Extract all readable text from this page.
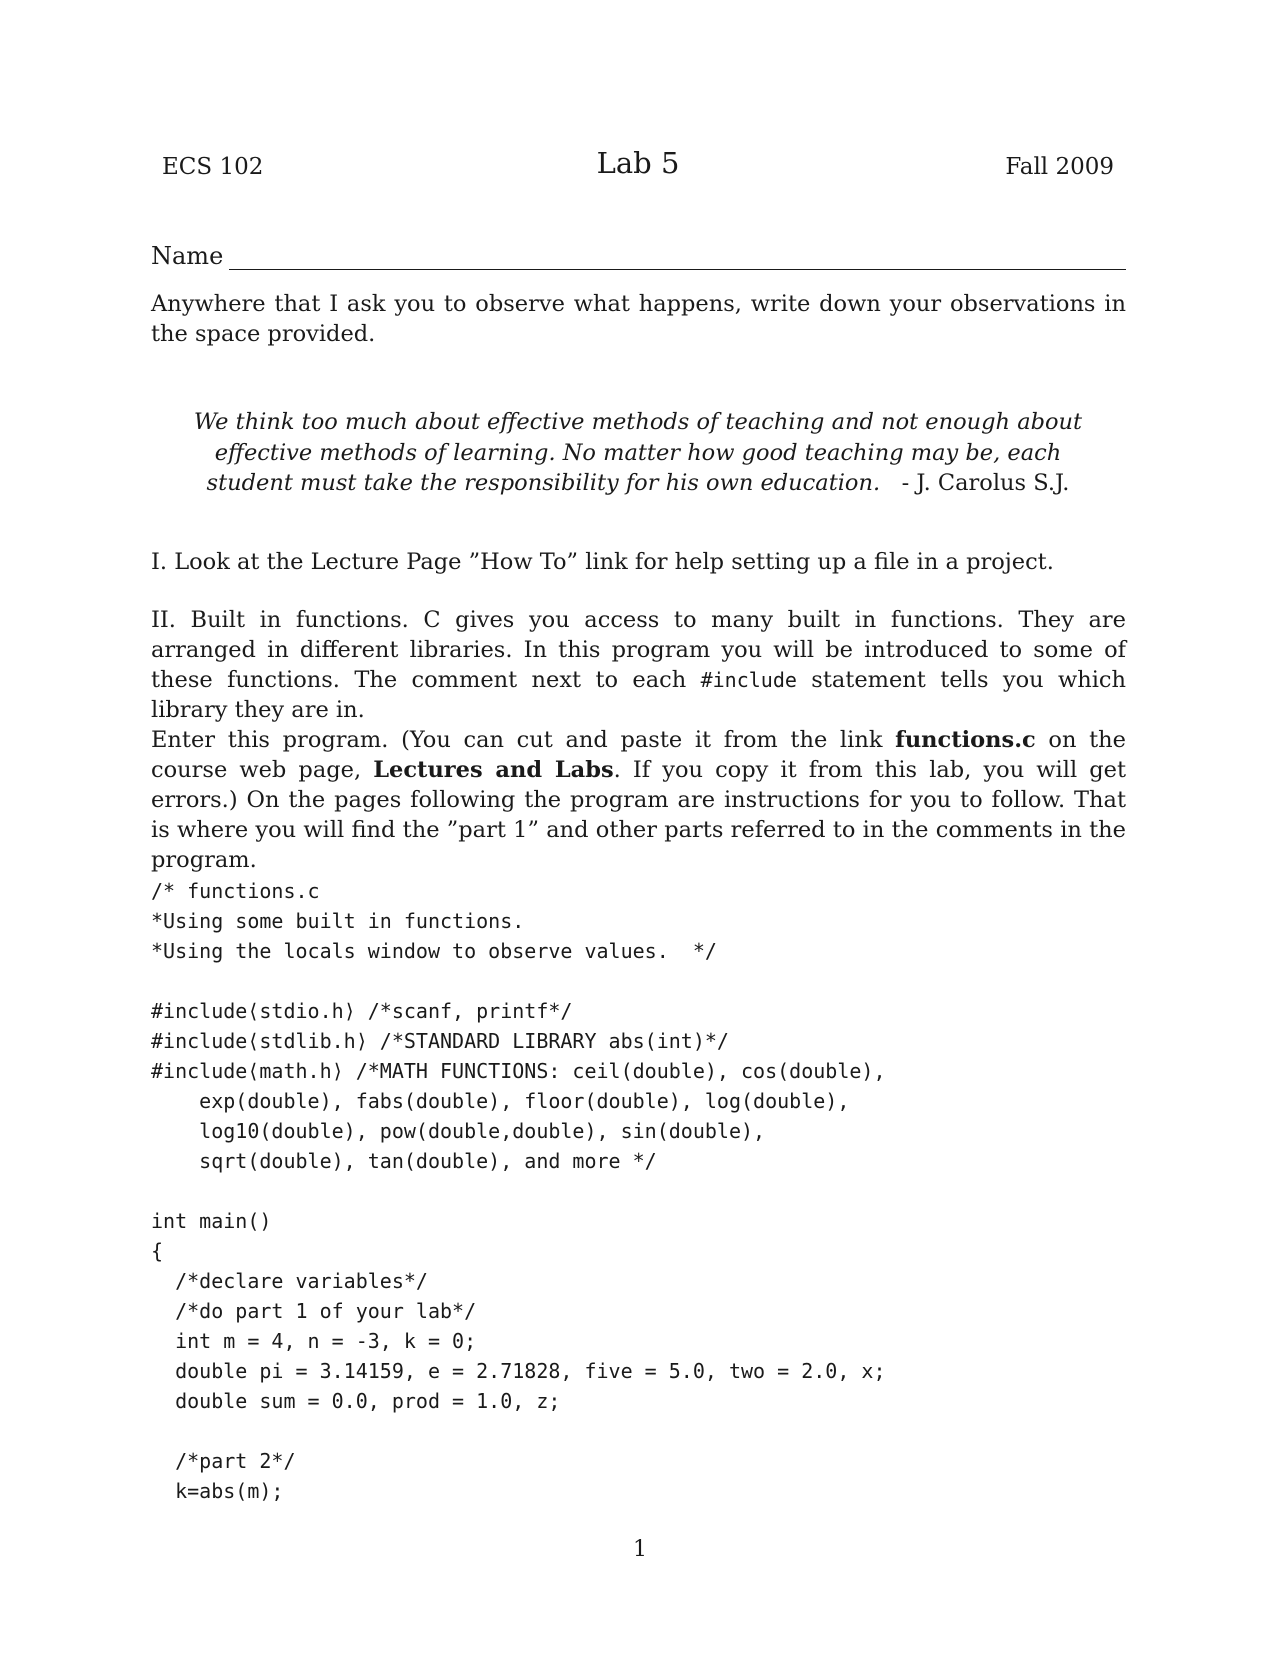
ECS 102	Lab 5	Fall 2009
Name

Anywhere that I ask you to observe what happens, write down your observations in the space provided.

We think too much about effective methods of teaching and not enough about effective methods of learning. No matter how good teaching may be, each student must take the responsibility for his own education. - J. Carolus S.J.

I. Look at the Lecture Page ”How To” link for help setting up a file in a project.

II. Built in functions. C gives you access to many built in functions. They are arranged in different libraries. In this program you will be introduced to some of these functions. The comment next to each #include statement tells you which library they are in.

Enter this program. (You can cut and paste it from the link functions.c on the course web page, Lectures and Labs. If you copy it from this lab, you will get errors.) On the pages following the program are instructions for you to follow. That is where you will find the ”part 1” and other parts referred to in the comments in the program.

/* functions.c
*Using some built in functions.
*Using the locals window to observe values.  */

#include⟨stdio.h⟩ /*scanf, printf*/
#include⟨stdlib.h⟩ /*STANDARD LIBRARY abs(int)*/
#include⟨math.h⟩ /*MATH FUNCTIONS: ceil(double), cos(double),
exp(double), fabs(double), floor(double), log(double),
log10(double), pow(double,double), sin(double),
sqrt(double), tan(double), and more */

int main()
{
/*declare variables*/
/*do part 1 of your lab*/
int m = 4, n = -3, k = 0;
double pi = 3.14159, e = 2.71828, five = 5.0, two = 2.0, x;
double sum = 0.0, prod = 1.0, z;

/*part 2*/
k=abs(m);
1
